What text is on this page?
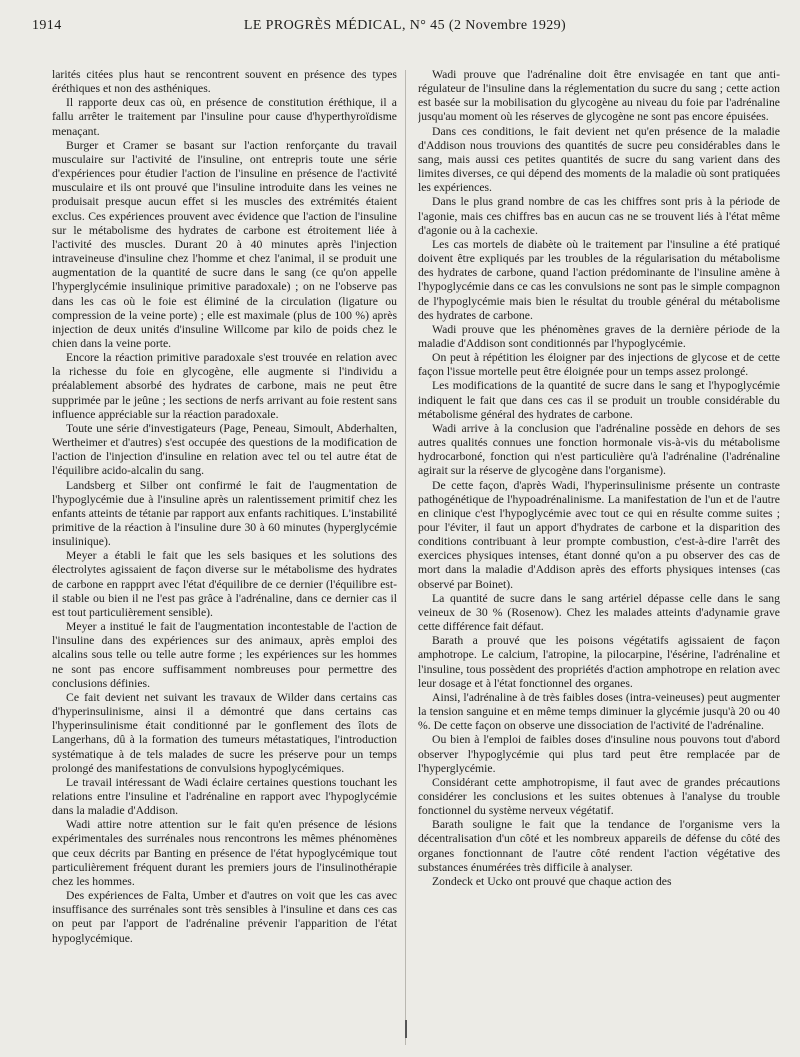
1914	LE PROGRÈS MÉDICAL, N° 45 (2 Novembre 1929)

larités citées plus haut se rencontrent souvent en présence des types éréthiques et non des asthéniques.

Il rapporte deux cas où, en présence de constitution éréthique, il a fallu arrêter le traitement par l'insuline pour cause d'hyperthyroïdisme menaçant.

Burger et Cramer se basant sur l'action renforçante du travail musculaire sur l'activité de l'insuline, ont entrepris toute une série d'expériences pour étudier l'action de l'insuline en présence de l'activité musculaire et ils ont prouvé que l'insuline introduite dans les veines ne produisait presque aucun effet si les muscles des extrémités étaient exclus. Ces expériences prouvent avec évidence que l'action de l'insuline sur le métabolisme des hydrates de carbone est étroitement liée à l'activité des muscles. Durant 20 à 40 minutes après l'injection intraveineuse d'insuline chez l'homme et chez l'animal, il se produit une augmentation de la quantité de sucre dans le sang (ce qu'on appelle l'hyperglycémie insulinique primitive paradoxale) ; on ne l'observe pas dans les cas où le foie est éliminé de la circulation (ligature ou compression de la veine porte) ; elle est maximale (plus de 100 %) après injection de deux unités d'insuline Willcome par kilo de poids chez le chien dans la veine porte.

Encore la réaction primitive paradoxale s'est trouvée en relation avec la richesse du foie en glycogène, elle augmente si l'individu a préalablement absorbé des hydrates de carbone, mais ne peut être supprimée par le jeûne ; les sections de nerfs arrivant au foie restent sans influence appréciable sur la réaction paradoxale.

Toute une série d'investigateurs (Page, Peneau, Simoult, Abderhalten, Wertheimer et d'autres) s'est occupée des questions de la modification de l'action de l'injection d'insuline en relation avec tel ou tel autre état de l'équilibre acido-alcalin du sang.

Landsberg et Silber ont confirmé le fait de l'augmentation de l'hypoglycémie due à l'insuline après un ralentissement primitif chez les enfants atteints de tétanie par rapport aux enfants rachitiques. L'instabilité primitive de la réaction à l'insuline dure 30 à 60 minutes (hyperglycémie insulinique).

Meyer a établi le fait que les sels basiques et les solutions des électrolytes agissaient de façon diverse sur le métabolisme des hydrates de carbone en rappprt avec l'état d'équilibre de ce dernier (l'équilibre est-il stable ou bien il ne l'est pas grâce à l'adrénaline, dans ce dernier cas il est tout particulièrement sensible).

Meyer a institué le fait de l'augmentation incontestable de l'action de l'insuline dans des expériences sur des animaux, après emploi des alcalins sous telle ou telle autre forme ; les expériences sur les hommes ne sont pas encore suffisamment nombreuses pour permettre des conclusions définies.

Ce fait devient net suivant les travaux de Wilder dans certains cas d'hyperinsulinisme, ainsi il a démontré que dans certains cas l'hyperinsulinisme était conditionné par le gonflement des îlots de Langerhans, dû à la formation des tumeurs métastatiques, l'introduction systématique à de tels malades de sucre les préserve pour un temps prolongé des manifestations de convulsions hypoglycémiques.

Le travail intéressant de Wadi éclaire certaines questions touchant les relations entre l'insuline et l'adrénaline en rapport avec l'hypoglycémie dans la maladie d'Addison.

Wadi attire notre attention sur le fait qu'en présence de lésions expérimentales des surrénales nous rencontrons les mêmes phénomènes que ceux décrits par Banting en présence de l'état hypoglycémique tout particulièrement fréquent durant les premiers jours de l'insulinothérapie chez les hommes.

Des expériences de Falta, Umber et d'autres on voit que les cas avec insuffisance des surrénales sont très sensibles à l'insuline et dans ces cas on peut par l'apport de l'adrénaline prévenir l'apparition de l'état hypoglycémique.

Wadi prouve que l'adrénaline doit être envisagée en tant que anti-régulateur de l'insuline dans la réglementation du sucre du sang ; cette action est basée sur la mobilisation du glycogène au niveau du foie par l'adrénaline jusqu'au moment où les réserves de glycogène ne sont pas encore épuisées.

Dans ces conditions, le fait devient net qu'en présence de la maladie d'Addison nous trouvions des quantités de sucre peu considérables dans le sang, mais aussi ces petites quantités de sucre du sang varient dans des limites diverses, ce qui dépend des moments de la maladie où sont pratiquées les expériences.

Dans le plus grand nombre de cas les chiffres sont pris à la période de l'agonie, mais ces chiffres bas en aucun cas ne se trouvent liés à l'état même d'agonie ou à la cachexie.

Les cas mortels de diabète où le traitement par l'insuline a été pratiqué doivent être expliqués par les troubles de la régularisation du métabolisme des hydrates de carbone, quand l'action prédominante de l'insuline amène à l'hypoglycémie dans ce cas les convulsions ne sont pas le simple compagnon de l'hypoglycémie mais bien le résultat du trouble général du métabolisme des hydrates de carbone.

Wadi prouve que les phénomènes graves de la dernière période de la maladie d'Addison sont conditionnés par l'hypoglycémie.

On peut à répétition les éloigner par des injections de glycose et de cette façon l'issue mortelle peut être éloignée pour un temps assez prolongé.

Les modifications de la quantité de sucre dans le sang et l'hypoglycémie indiquent le fait que dans ces cas il se produit un trouble considérable du métabolisme général des hydrates de carbone.

Wadi arrive à la conclusion que l'adrénaline possède en dehors de ses autres qualités connues une fonction hormonale vis-à-vis du métabolisme hydrocarboné, fonction qui n'est particulière qu'à l'adrénaline (l'adrénaline agirait sur la réserve de glycogène dans l'organisme).

De cette façon, d'après Wadi, l'hyperinsulinisme présente un contraste pathogénétique de l'hypoadrénalinisme. La manifestation de l'un et de l'autre en clinique c'est l'hypoglycémie avec tout ce qui en résulte comme suites ; pour l'éviter, il faut un apport d'hydrates de carbone et la disparition des conditions contribuant à leur prompte combustion, c'est-à-dire l'arrêt des exercices physiques intenses, étant donné qu'on a pu observer des cas de mort dans la maladie d'Addison après des efforts physiques intenses (cas observé par Boinet).

La quantité de sucre dans le sang artériel dépasse celle dans le sang veineux de 30 % (Rosenow). Chez les malades atteints d'adynamie grave cette différence fait défaut.

Barath a prouvé que les poisons végétatifs agissaient de façon amphotrope. Le calcium, l'atropine, la pilocarpine, l'ésérine, l'adrénaline et l'insuline, tous possèdent des propriétés d'action amphotrope en relation avec leur dosage et à l'état fonctionnel des organes.

Ainsi, l'adrénaline à de très faibles doses (intra-veineuses) peut augmenter la tension sanguine et en même temps diminuer la glycémie jusqu'à 20 ou 40 %. De cette façon on observe une dissociation de l'activité de l'adrénaline.

Ou bien à l'emploi de faibles doses d'insuline nous pouvons tout d'abord observer l'hypoglycémie qui plus tard peut être remplacée par de l'hyperglycémie.

Considérant cette amphotropisme, il faut avec de grandes précautions considérer les conclusions et les suites obtenues à l'analyse du trouble fonctionnel du système nerveux végétatif.

Barath souligne le fait que la tendance de l'organisme vers la décentralisation d'un côté et les nombreux appareils de défense du côté des organes fonctionnant de l'autre côté rendent l'action végétative des substances énumérées très difficile à analyser.

Zondeck et Ucko ont prouvé que chaque action des
